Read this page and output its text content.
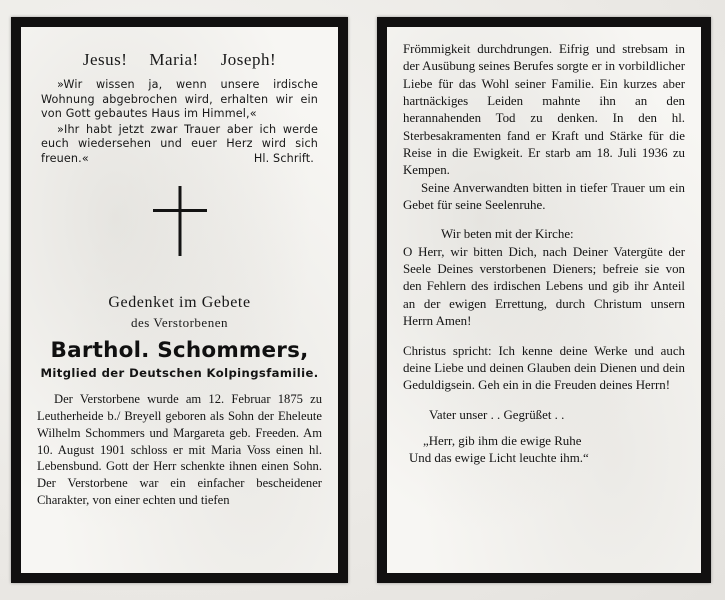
Jesus! Maria! Joseph!

»Wir wissen ja, wenn unsere irdische Wohnung abgebrochen wird, erhalten wir ein von Gott gebautes Haus im Himmel,«

»Ihr habt jetzt zwar Trauer aber ich werde euch wiedersehen und euer Herz wird sich freuen.«	Hl. Schrift.

Gedenket im Gebete
des Verstorbenen
Barthol. Schommers,
Mitglied der Deutschen Kolpingsfamilie.

Der Verstorbene wurde am 12. Februar 1875 zu Leutherheide b./ Breyell geboren als Sohn der Eheleute Wilhelm Schommers und Margareta geb. Freeden. Am 10. August 1901 schloss er mit Maria Voss einen hl. Lebensbund. Gott der Herr schenkte ihnen einen Sohn. Der Verstorbene war ein einfacher bescheidener Charakter, von einer echten und tiefen

Frömmigkeit durchdrungen. Eifrig und strebsam in der Ausübung seines Berufes sorgte er in vorbildlicher Liebe für das Wohl seiner Familie. Ein kurzes aber hartnäckiges Leiden mahnte ihn an den herannahenden Tod zu denken. In den hl. Sterbesakramenten fand er Kraft und Stärke für die Reise in die Ewigkeit. Er starb am 18. Juli 1936 zu Kempen.

Seine Anverwandten bitten in tiefer Trauer um ein Gebet für seine Seelenruhe.

Wir beten mit der Kirche:

O Herr, wir bitten Dich, nach Deiner Vatergüte der Seele Deines verstorbenen Dieners; befreie sie von den Fehlern des irdischen Lebens und gib ihr Anteil an der ewigen Errettung, durch Christum unsern Herrn Amen!

Christus spricht: Ich kenne deine Werke und auch deine Liebe und deinen Glauben dein Dienen und dein Geduldigsein. Geh ein in die Freuden deines Herrn!

Vater unser . . Gegrüßet . .

„Herr, gib ihm die ewige Ruhe

Und das ewige Licht leuchte ihm.“
